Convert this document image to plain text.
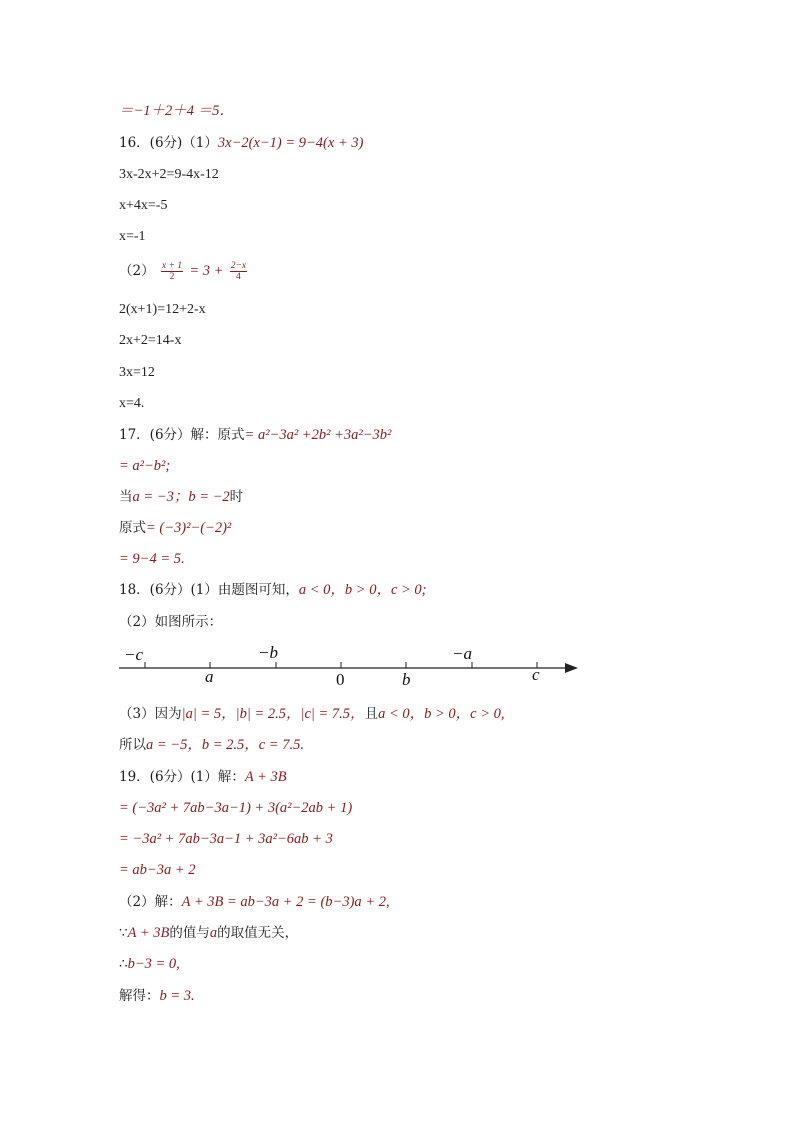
＝−1＋2＋4 ＝5．
16．(6分)（1）3x−2(x−1) = 9−4(x + 3)
3x-2x+2=9-4x-12
x+4x=-5
x=-1
$(2) \frac{x + 1}{2} = 3 + \frac{2-x}{4}$
2(x+1)=12+2-x
2x+2=14-x
3x=12
x=4.
17．(6分）解：原式= a²−3a² +2b² +3a²−3b²
= a²−b²;
当a = −3；b = −2时
原式= (−3)²−(−2)²
= 9−4 = 5.
18．(6分）(1）由题图可知，a < 0，b > 0，c > 0;
（2）如图所示：
−c	−b	−a
a	0	b	c
（3）因为|a| = 5，|b| = 2.5，|c| = 7.5，且a < 0，b > 0，c > 0,
所以a = −5，b = 2.5，c = 7.5.
19．(6分）(1）解：A + 3B
= (−3a² + 7ab−3a−1) + 3(a²−2ab + 1)
= −3a² + 7ab−3a−1 + 3a²−6ab + 3
= ab−3a + 2
（2）解：A + 3B = ab−3a + 2 = (b−3)a + 2,
∵A + 3B的值与a的取值无关，
∴b−3 = 0,
解得：b = 3.
